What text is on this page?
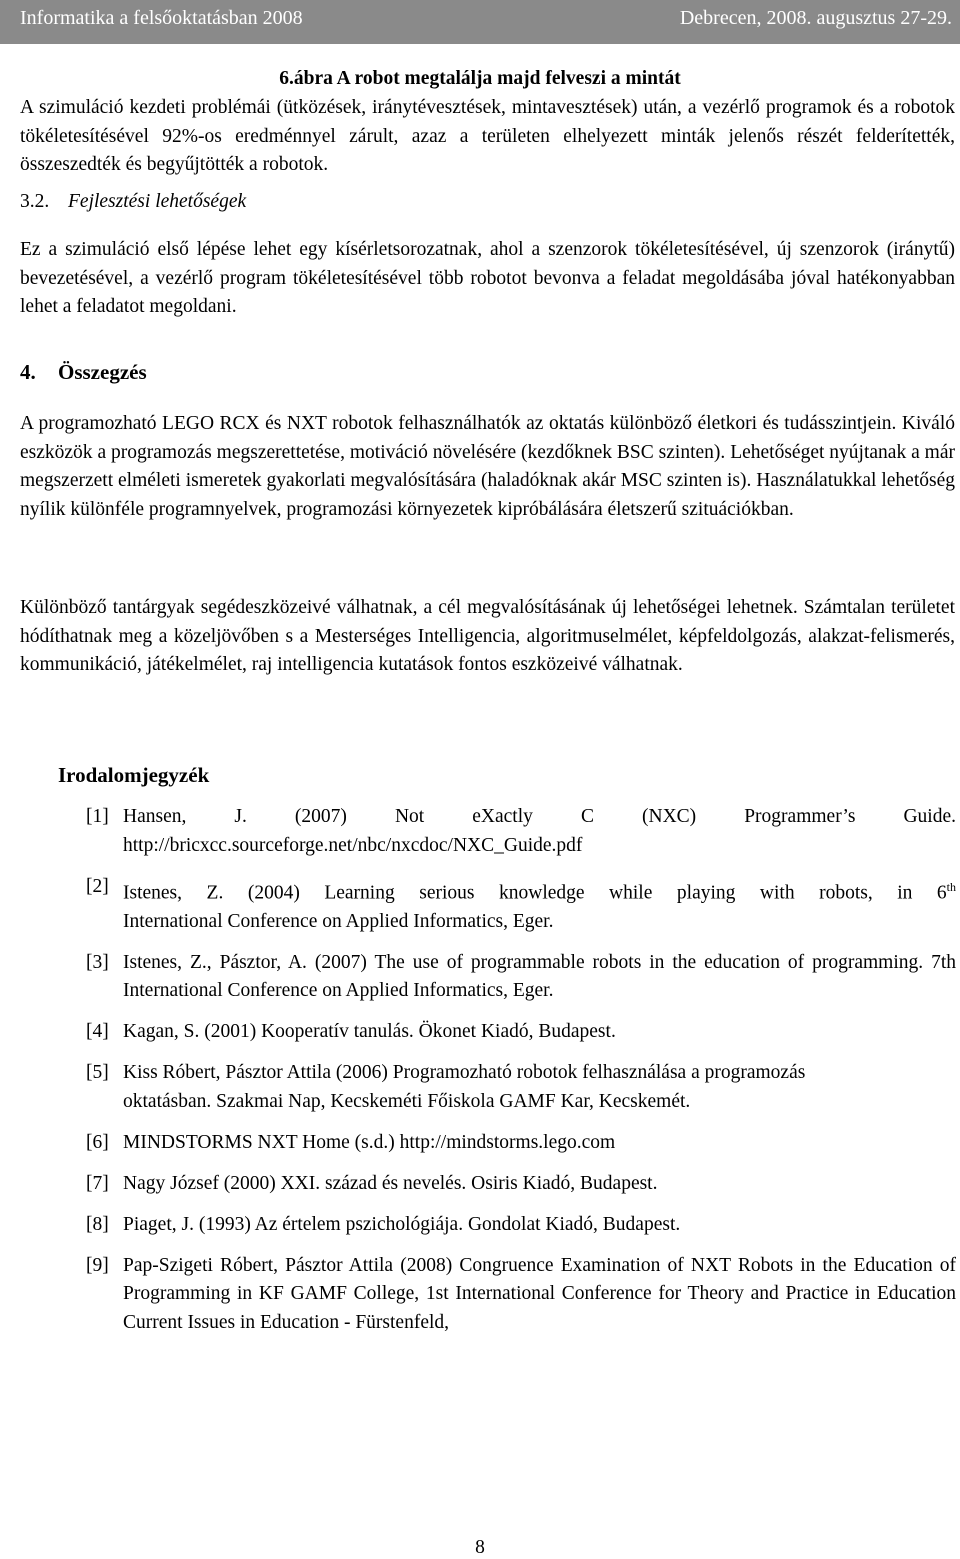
Informatika a felsőoktatásban 2008	Debrecen, 2008. augusztus 27-29.
6.ábra A robot megtalálja majd felveszi a mintát

A szimuláció kezdeti problémái (ütközések, iránytévesztések, mintavesztések) után, a vezérlő programok és a robotok tökéletesítésével 92%-os eredménnyel zárult, azaz a területen elhelyezett minták jelenős részét felderítették, összeszedték és begyűjtötték a robotok.

3.2. Fejlesztési lehetőségek

Ez a szimuláció első lépése lehet egy kísérletsorozatnak, ahol a szenzorok tökéletesítésével, új szenzorok (iránytű) bevezetésével, a vezérlő program tökéletesítésével több robotot bevonva a feladat megoldásába jóval hatékonyabban lehet a feladatot megoldani.

4. Összegzés

A programozható LEGO RCX és NXT robotok felhasználhatók az oktatás különböző életkori és tudásszintjein. Kiváló eszközök a programozás megszerettetése, motiváció növelésére (kezdőknek BSC szinten). Lehetőséget nyújtanak a már megszerzett elméleti ismeretek gyakorlati megvalósítására (haladóknak akár MSC szinten is). Használatukkal lehetőség nyílik különféle programnyelvek, programozási környezetek kipróbálására életszerű szituációkban.

Különböző tantárgyak segédeszközeivé válhatnak, a cél megvalósításának új lehetőségei lehetnek. Számtalan területet hódíthatnak meg a közeljövőben s a Mesterséges Intelligencia, algoritmuselmélet, képfeldolgozás, alakzat-felismerés, kommunikáció, játékelmélet, raj intelligencia kutatások fontos eszközeivé válhatnak.

Irodalomjegyzék
[1] Hansen, J. (2007) Not eXactly C (NXC) Programmer’s Guide.
http://bricxcc.sourceforge.net/nbc/nxcdoc/NXC_Guide.pdf
[2] Istenes, Z. (2004) Learning serious knowledge while playing with robots, in 6th
International Conference on Applied Informatics, Eger.
[3] Istenes, Z., Pásztor, A. (2007) The use of programmable robots in the education of programming. 7th International Conference on Applied Informatics, Eger.
[4] Kagan, S. (2001) Kooperatív tanulás. Ökonet Kiadó, Budapest.
[5] Kiss Róbert, Pásztor Attila (2006) Programozható robotok felhasználása a programozás
oktatásban. Szakmai Nap, Kecskeméti Főiskola GAMF Kar, Kecskemét.
[6] MINDSTORMS NXT Home (s.d.) http://mindstorms.lego.com
[7] Nagy József (2000) XXI. század és nevelés. Osiris Kiadó, Budapest.
[8] Piaget, J. (1993) Az értelem pszichológiája. Gondolat Kiadó, Budapest.
[9] Pap-Szigeti Róbert, Pásztor Attila (2008) Congruence Examination of NXT Robots in the Education of Programming in KF GAMF College, 1st International Conference for Theory and Practice in Education Current Issues in Education - Fürstenfeld,
8
